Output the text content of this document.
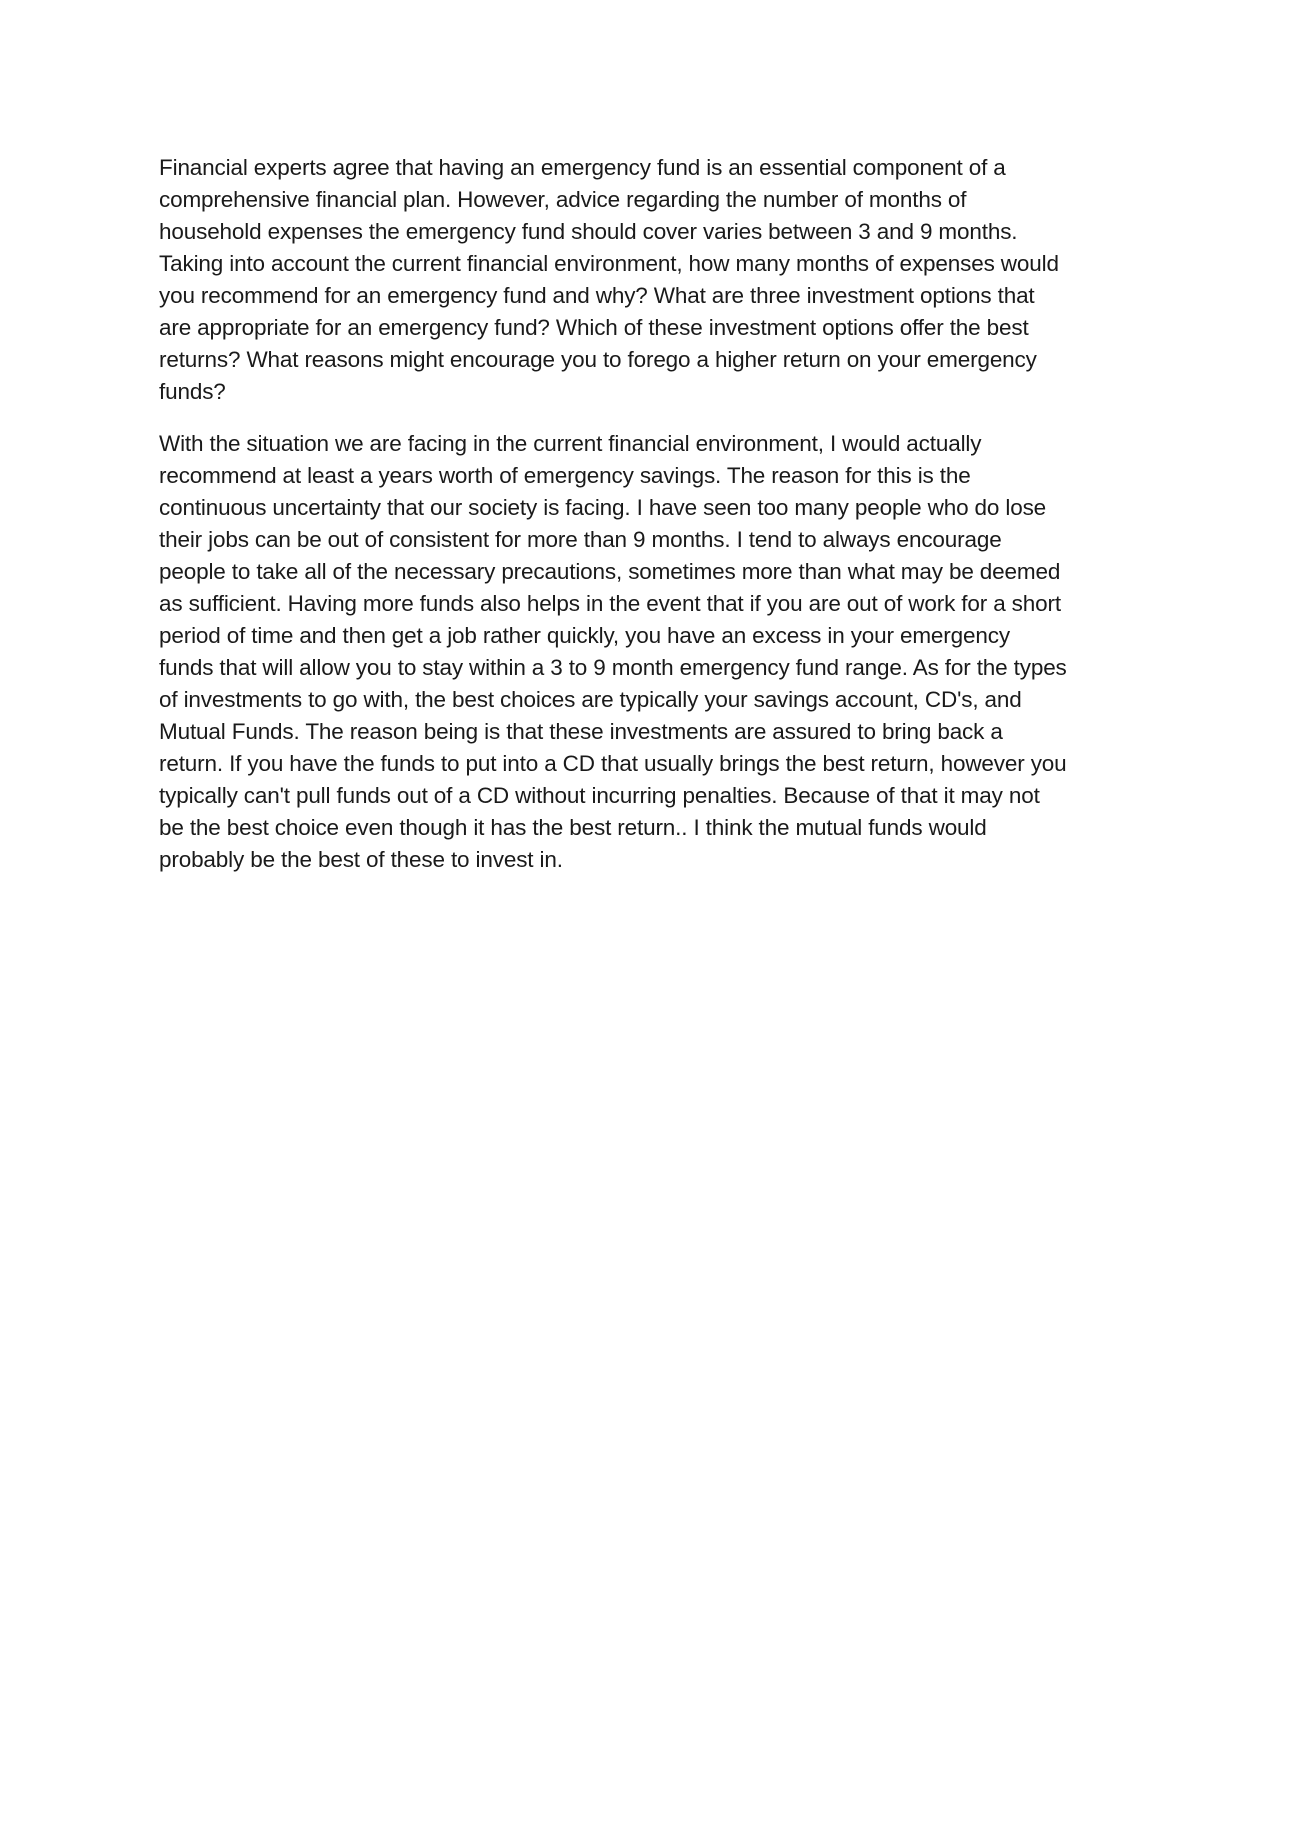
Financial experts agree that having an emergency fund is an essential component of a
comprehensive financial plan. However, advice regarding the number of months of
household expenses the emergency fund should cover varies between 3 and 9 months.
Taking into account the current financial environment, how many months of expenses would
you recommend for an emergency fund and why? What are three investment options that
are appropriate for an emergency fund? Which of these investment options offer the best
returns? What reasons might encourage you to forego a higher return on your emergency
funds?

With the situation we are facing in the current financial environment, I would actually
recommend at least a years worth of emergency savings. The reason for this is the
continuous uncertainty that our society is facing. I have seen too many people who do lose
their jobs can be out of consistent for more than 9 months. I tend to always encourage
people to take all of the necessary precautions, sometimes more than what may be deemed
as sufficient. Having more funds also helps in the event that if you are out of work for a short
period of time and then get a job rather quickly, you have an excess in your emergency
funds that will allow you to stay within a 3 to 9 month emergency fund range. As for the types
of investments to go with, the best choices are typically your savings account, CD's, and
Mutual Funds. The reason being is that these investments are assured to bring back a
return. If you have the funds to put into a CD that usually brings the best return, however you
typically can't pull funds out of a CD without incurring penalties. Because of that it may not
be the best choice even though it has the best return.. I think the mutual funds would
probably be the best of these to invest in.
